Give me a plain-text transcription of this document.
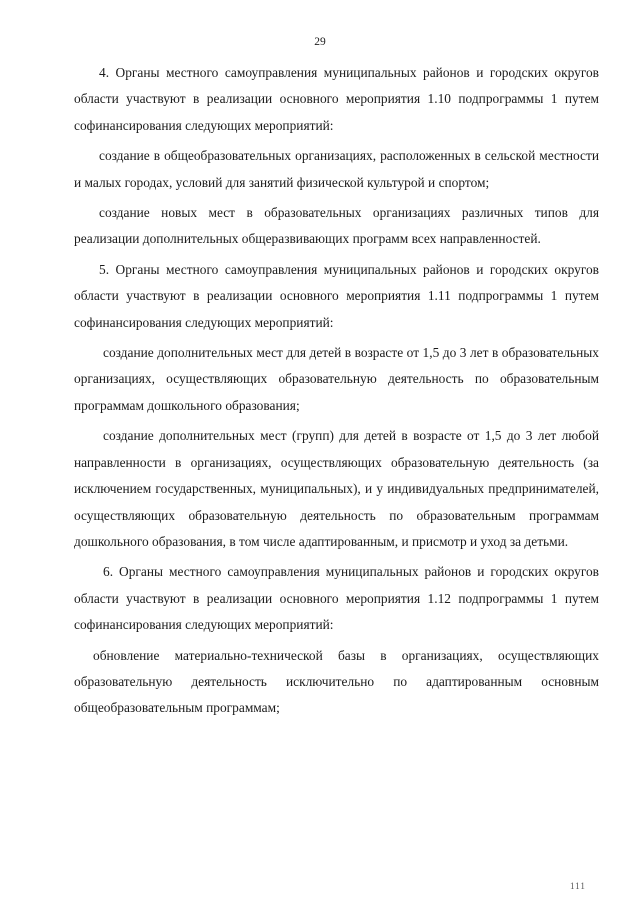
29

4. Органы местного самоуправления муниципальных районов и городских округов области участвуют в реализации основного мероприятия 1.10 подпрограммы 1 путем софинансирования следующих мероприятий:

создание в общеобразовательных организациях, расположенных в сельской местности и малых городах, условий для занятий физической культурой и спортом;

создание новых мест в образовательных организациях различных типов для реализации дополнительных общеразвивающих программ всех направленностей.

5. Органы местного самоуправления муниципальных районов и городских округов области участвуют в реализации основного мероприятия 1.11 подпрограммы 1 путем софинансирования следующих мероприятий:

создание дополнительных мест для детей в возрасте от 1,5 до 3 лет в образовательных организациях, осуществляющих образовательную деятельность по образовательным программам дошкольного образования;

создание дополнительных мест (групп) для детей в возрасте от 1,5 до 3 лет любой направленности в организациях, осуществляющих образовательную деятельность (за исключением государственных, муниципальных), и у индивидуальных предпринимателей, осуществляющих образовательную деятельность по образовательным программам дошкольного образования, в том числе адаптированным, и присмотр и уход за детьми.

6. Органы местного самоуправления муниципальных районов и городских округов области участвуют в реализации основного мероприятия 1.12 подпрограммы 1 путем софинансирования следующих мероприятий:

обновление материально-технической базы в организациях, осуществляющих образовательную деятельность исключительно по адаптированным основным общеобразовательным программам;

111
